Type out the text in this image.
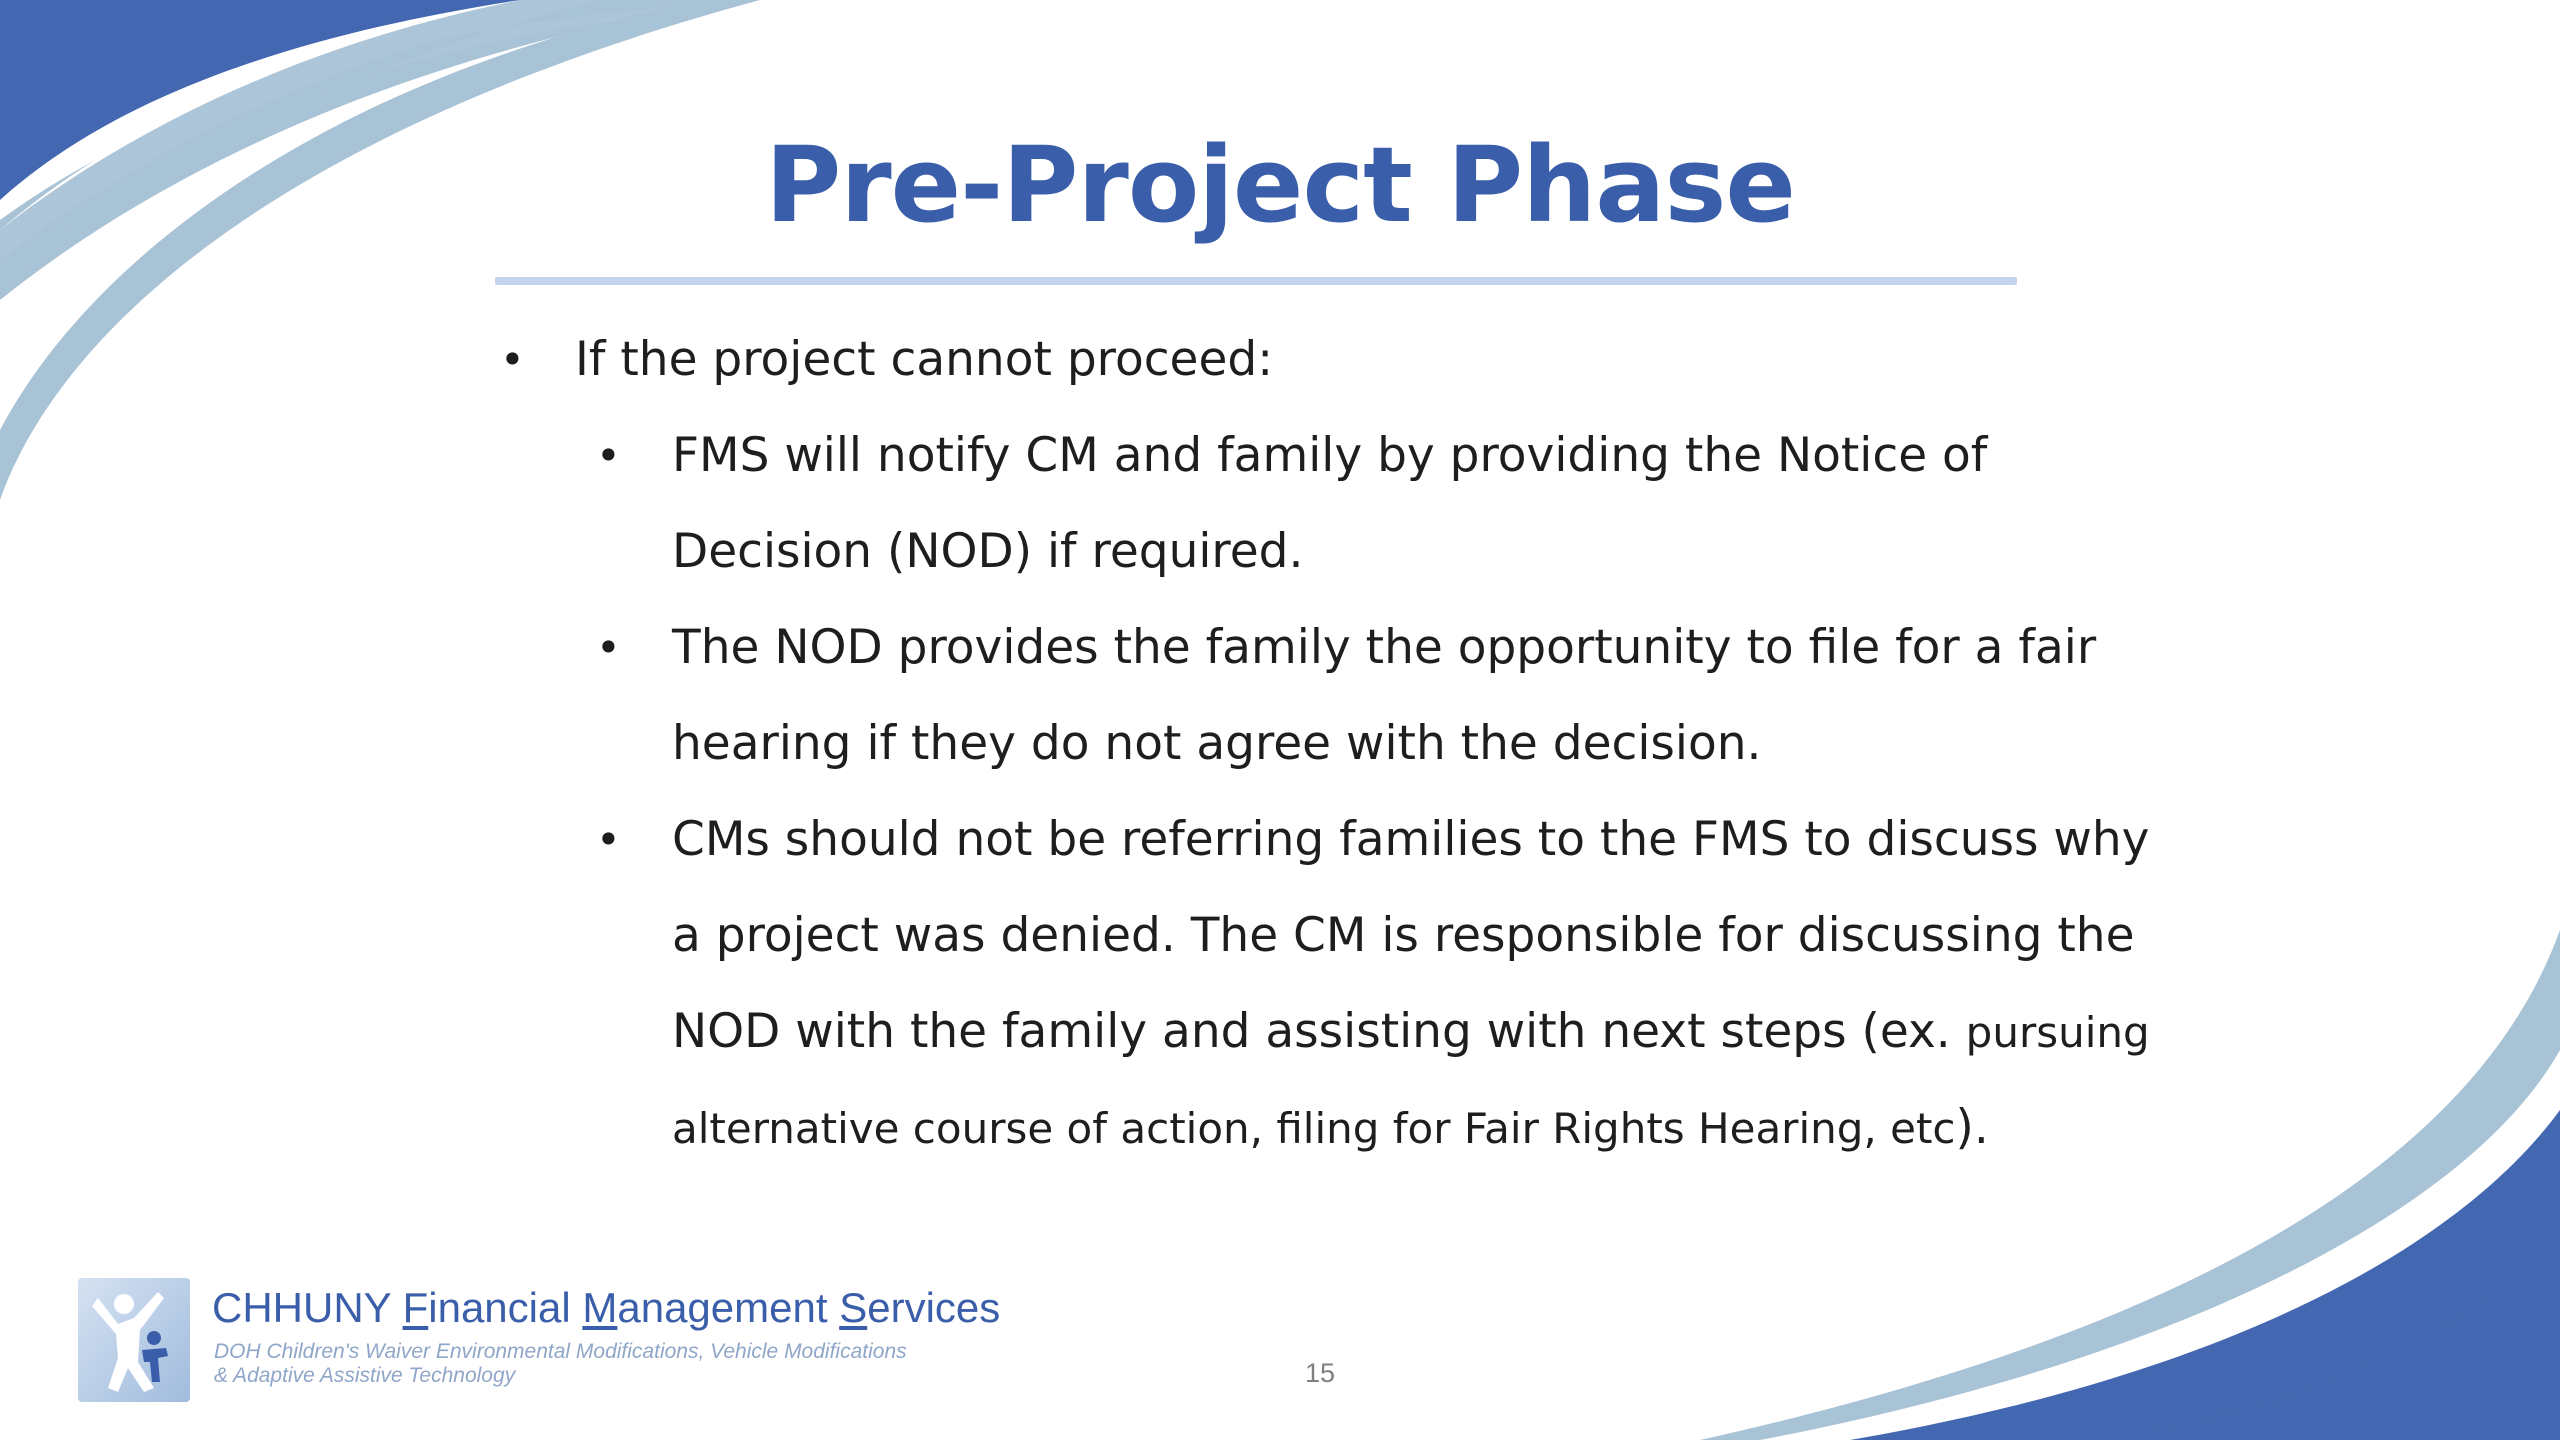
Pre-Project Phase
• If the project cannot proceed:
• FMS will notify CM and family by providing the Notice of
Decision (NOD) if required.
• The NOD provides the family the opportunity to file for a fair
hearing if they do not agree with the decision.
• CMs should not be referring families to the FMS to discuss why
a project was denied. The CM is responsible for discussing the
NOD with the family and assisting with next steps (ex. pursuing
alternative course of action, filing for Fair Rights Hearing, etc).
CHHUNY Financial Management Services
DOH Children's Waiver Environmental Modifications, Vehicle Modifications
& Adaptive Assistive Technology	15
